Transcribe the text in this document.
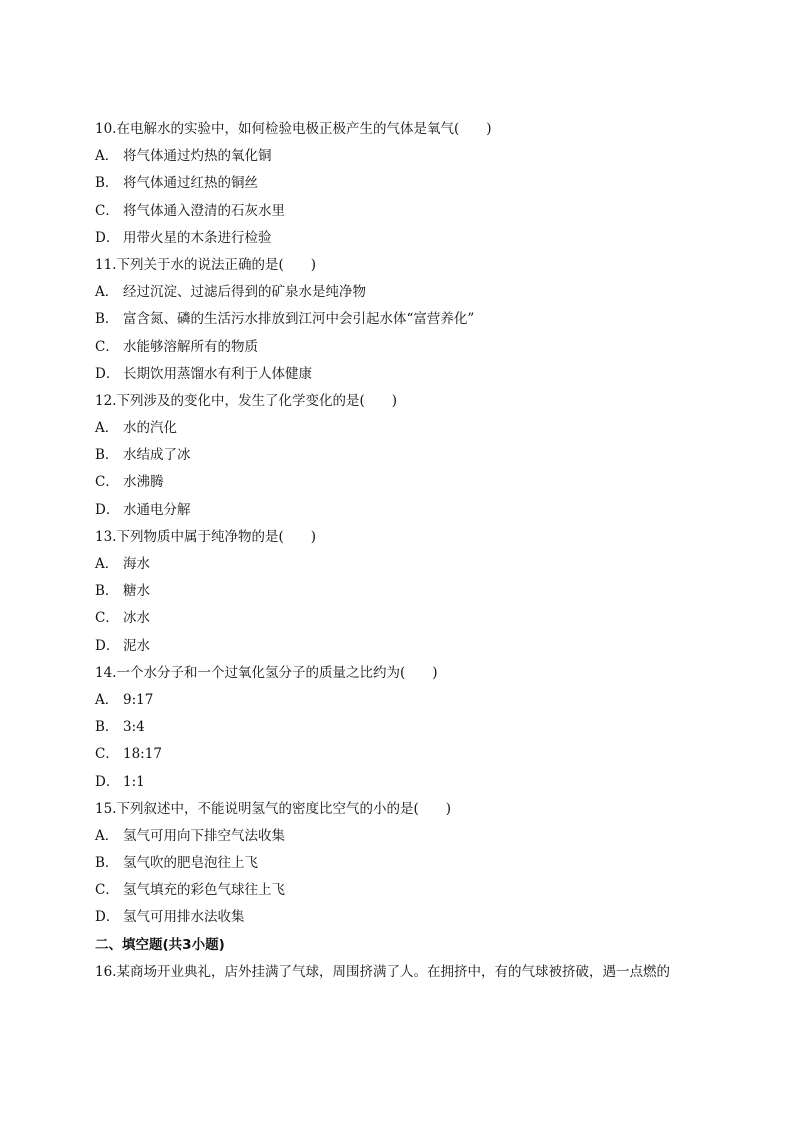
10.在电解水的实验中，如何检验电极正极产生的气体是氧气(　　)
A． 将气体通过灼热的氧化铜
B． 将气体通过红热的铜丝
C． 将气体通入澄清的石灰水里
D． 用带火星的木条进行检验
11.下列关于水的说法正确的是(　　)
A． 经过沉淀、过滤后得到的矿泉水是纯净物
B． 富含氮、磷的生活污水排放到江河中会引起水体“富营养化”
C． 水能够溶解所有的物质
D． 长期饮用蒸馏水有利于人体健康
12.下列涉及的变化中，发生了化学变化的是(　　)
A． 水的汽化
B． 水结成了冰
C． 水沸腾
D． 水通电分解
13.下列物质中属于纯净物的是(　　)
A． 海水
B． 糖水
C． 冰水
D． 泥水
14.一个水分子和一个过氧化氢分子的质量之比约为(　　)
A． 9:17
B． 3:4
C． 18:17
D． 1:1
15.下列叙述中，不能说明氢气的密度比空气的小的是(　　)
A． 氢气可用向下排空气法收集
B． 氢气吹的肥皂泡往上飞
C． 氢气填充的彩色气球往上飞
D． 氢气可用排水法收集
二、填空题(共3小题)
16.某商场开业典礼，店外挂满了气球，周围挤满了人。在拥挤中，有的气球被挤破，遇一点燃的
